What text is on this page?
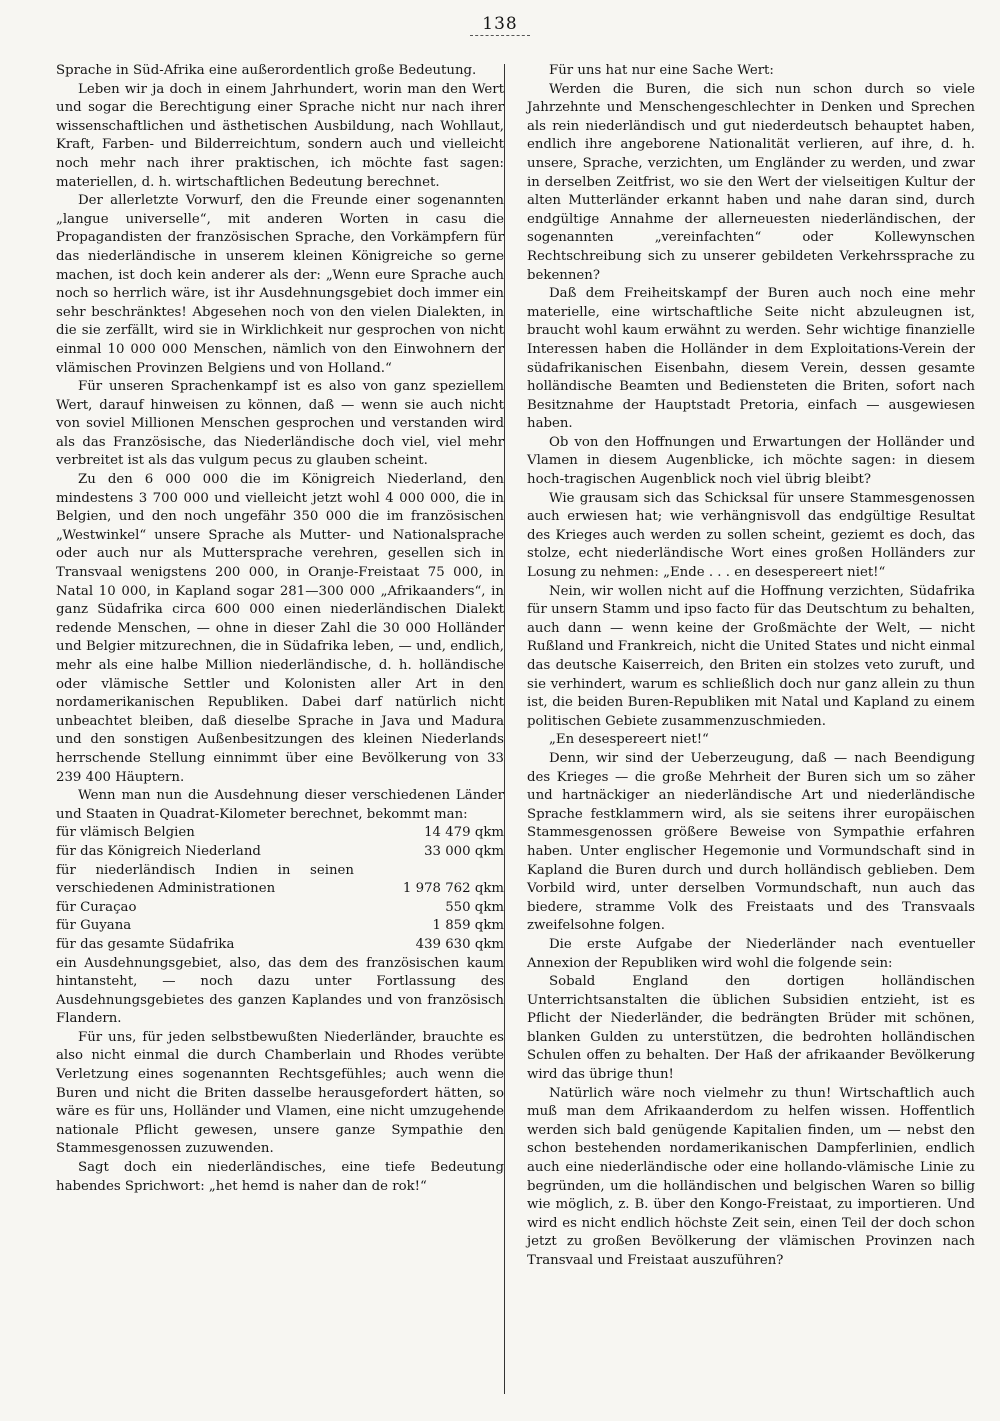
138

Sprache in Süd-Afrika eine außerordentlich große Bedeutung.

Leben wir ja doch in einem Jahrhundert, worin man den Wert und sogar die Berechtigung einer Sprache nicht nur nach ihrer wissenschaftlichen und ästhetischen Ausbildung, nach Wohllaut, Kraft, Farben- und Bilderreichtum, sondern auch und vielleicht noch mehr nach ihrer praktischen, ich möchte fast sagen: materiellen, d. h. wirtschaftlichen Bedeutung berechnet.

Der allerletzte Vorwurf, den die Freunde einer sogenannten „langue universelle“, mit anderen Worten in casu die Propagandisten der französischen Sprache, den Vorkämpfern für das niederländische in unserem kleinen Königreiche so gerne machen, ist doch kein anderer als der: „Wenn eure Sprache auch noch so herrlich wäre, ist ihr Ausdehnungsgebiet doch immer ein sehr beschränktes! Abgesehen noch von den vielen Dialekten, in die sie zerfällt, wird sie in Wirklichkeit nur gesprochen von nicht einmal 10 000 000 Menschen, nämlich von den Einwohnern der vlämischen Provinzen Belgiens und von Holland.“

Für unseren Sprachenkampf ist es also von ganz speziellem Wert, darauf hinweisen zu können, daß — wenn sie auch nicht von soviel Millionen Menschen gesprochen und verstanden wird als das Französische, das Niederländische doch viel, viel mehr verbreitet ist als das vulgum pecus zu glauben scheint.

Zu den 6 000 000 die im Königreich Niederland, den mindestens 3 700 000 und vielleicht jetzt wohl 4 000 000, die in Belgien, und den noch ungefähr 350 000 die im französischen „Westwinkel“ unsere Sprache als Mutter- und Nationalsprache oder auch nur als Muttersprache verehren, gesellen sich in Transvaal wenigstens 200 000, in Oranje-Freistaat 75 000, in Natal 10 000, in Kapland sogar 281—300 000 „Afrikaanders“, in ganz Südafrika circa 600 000 einen niederländischen Dialekt redende Menschen, — ohne in dieser Zahl die 30 000 Holländer und Belgier mitzurechnen, die in Südafrika leben, — und, endlich, mehr als eine halbe Million niederländische, d. h. holländische oder vlämische Settler und Kolonisten aller Art in den nordamerikanischen Republiken. Dabei darf natürlich nicht unbeachtet bleiben, daß dieselbe Sprache in Java und Madura und den sonstigen Außenbesitzungen des kleinen Niederlands herrschende Stellung einnimmt über eine Bevölkerung von 33 239 400 Häuptern.

Wenn man nun die Ausdehnung dieser verschiedenen Länder und Staaten in Quadrat-Kilometer berechnet, bekommt man:

für vlämisch Belgien	14 479 qkm
für das Königreich Niederland	33 000 qkm
für niederländisch Indien in seinen verschiedenen Administrationen	1 978 762 qkm
für Curaçao	550 qkm
für Guyana	1 859 qkm
für das gesamte Südafrika	439 630 qkm

ein Ausdehnungsgebiet, also, das dem des französischen kaum hintansteht, — noch dazu unter Fortlassung des Ausdehnungsgebietes des ganzen Kaplandes und von französisch Flandern.

Für uns, für jeden selbstbewußten Niederländer, brauchte es also nicht einmal die durch Chamberlain und Rhodes verübte Verletzung eines sogenannten Rechtsgefühles; auch wenn die Buren und nicht die Briten dasselbe herausgefordert hätten, so wäre es für uns, Holländer und Vlamen, eine nicht umzugehende nationale Pflicht gewesen, unsere ganze Sympathie den Stammesgenossen zuzuwenden.

Sagt doch ein niederländisches, eine tiefe Bedeutung habendes Sprichwort: „het hemd is naher dan de rok!“

Für uns hat nur eine Sache Wert:

Werden die Buren, die sich nun schon durch so viele Jahrzehnte und Menschengeschlechter in Denken und Sprechen als rein niederländisch und gut niederdeutsch behauptet haben, endlich ihre angeborene Nationalität verlieren, auf ihre, d. h. unsere, Sprache, verzichten, um Engländer zu werden, und zwar in derselben Zeitfrist, wo sie den Wert der vielseitigen Kultur der alten Mutterländer erkannt haben und nahe daran sind, durch endgültige Annahme der allerneuesten niederländischen, der sogenannten „vereinfachten“ oder Kollewynschen Rechtschreibung sich zu unserer gebildeten Verkehrssprache zu bekennen?

Daß dem Freiheitskampf der Buren auch noch eine mehr materielle, eine wirtschaftliche Seite nicht abzuleugnen ist, braucht wohl kaum erwähnt zu werden. Sehr wichtige finanzielle Interessen haben die Holländer in dem Exploitations-Verein der südafrikanischen Eisenbahn, diesem Verein, dessen gesamte holländische Beamten und Bediensteten die Briten, sofort nach Besitznahme der Hauptstadt Pretoria, einfach — ausgewiesen haben.

Ob von den Hoffnungen und Erwartungen der Holländer und Vlamen in diesem Augenblicke, ich möchte sagen: in diesem hoch-tragischen Augenblick noch viel übrig bleibt?

Wie grausam sich das Schicksal für unsere Stammesgenossen auch erwiesen hat; wie verhängnisvoll das endgültige Resultat des Krieges auch werden zu sollen scheint, geziemt es doch, das stolze, echt niederländische Wort eines großen Holländers zur Losung zu nehmen: „Ende . . . en desespereert niet!“

Nein, wir wollen nicht auf die Hoffnung verzichten, Südafrika für unsern Stamm und ipso facto für das Deutschtum zu behalten, auch dann — wenn keine der Großmächte der Welt, — nicht Rußland und Frankreich, nicht die United States und nicht einmal das deutsche Kaiserreich, den Briten ein stolzes veto zuruft, und sie verhindert, warum es schließlich doch nur ganz allein zu thun ist, die beiden Buren-Republiken mit Natal und Kapland zu einem politischen Gebiete zusammenzuschmieden.

„En desespereert niet!“

Denn, wir sind der Ueberzeugung, daß — nach Beendigung des Krieges — die große Mehrheit der Buren sich um so zäher und hartnäckiger an niederländische Art und niederländische Sprache festklammern wird, als sie seitens ihrer europäischen Stammesgenossen größere Beweise von Sympathie erfahren haben. Unter englischer Hegemonie und Vormundschaft sind in Kapland die Buren durch und durch holländisch geblieben. Dem Vorbild wird, unter derselben Vormundschaft, nun auch das biedere, stramme Volk des Freistaats und des Transvaals zweifelsohne folgen.

Die erste Aufgabe der Niederländer nach eventueller Annexion der Republiken wird wohl die folgende sein:

Sobald England den dortigen holländischen Unterrichtsanstalten die üblichen Subsidien entzieht, ist es Pflicht der Niederländer, die bedrängten Brüder mit schönen, blanken Gulden zu unterstützen, die bedrohten holländischen Schulen offen zu behalten. Der Haß der afrikaander Bevölkerung wird das übrige thun!

Natürlich wäre noch vielmehr zu thun! Wirtschaftlich auch muß man dem Afrikaanderdom zu helfen wissen. Hoffentlich werden sich bald genügende Kapitalien finden, um — nebst den schon bestehenden nordamerikanischen Dampferlinien, endlich auch eine niederländische oder eine hollando-vlämische Linie zu begründen, um die holländischen und belgischen Waren so billig wie möglich, z. B. über den Kongo-Freistaat, zu importieren. Und wird es nicht endlich höchste Zeit sein, einen Teil der doch schon jetzt zu großen Bevölkerung der vlämischen Provinzen nach Transvaal und Freistaat auszuführen?
